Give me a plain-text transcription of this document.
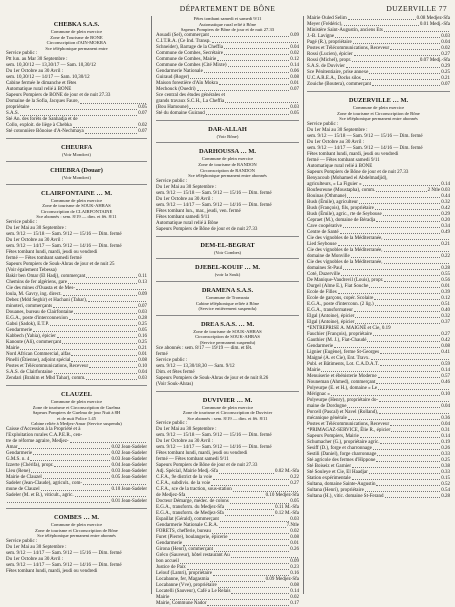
DÉPARTEMENT DE BÔNE	DUZERVILLE 77
CHEBKA S.A.S.
Commune de plein exercice
Zone de Tourisme de BONE
Circonscription d'AIN-MOKRA
Sce téléphonique permanent entre
Service public :
Ptt lun. au Mar 30 Septembre :
sem. 10,30/12 — 13,30/17 — Sam. 10,30/12
Du 1er Octobre au 30 Avril :
sem. 10,30/12 — 14/17 — Sam. 10,30/12
Cabine fermée le dimanche et fêtes
Automatique rural relié à BONE
Sapeurs Pompiers de BONE de jour et de nuit 27.33
Domaine de la Sofia, Jacques Faure,
propriétaire	0.05
S.A.S.	0.07
Sté An. des forêts de Sanhadja et de
Collo, exploit. de liège à Chebka	0.02
Sté cotonnière Bônoise d'A-Nechmaya	0.07
CHEURFA
(Voir Mondovi)
CHIEBRA (Douar)
(Voir Mondovi)
CLAIRFONTAINE … M.
Commune de plein exercice
Zone de tourisme de SOUK-AHRAS
Circonscription de CLAIRFONTAINE
Sce abonnés : sem. 8/19 — dim. et fêt. 8/11
Service public :
Du 1er Mai au 30 Septembre :
sem. 9/12 — 15/18 — Sam. 9/12 — 15/16 — Dim. fermé
Du 1er Octobre au 30 Avril :
sem. 9/12 — 14/17 — Sam. 9/12 — 14/16 — Dim. fermé
Fêtes tombant lundi, mardi, jeudi ou vendredi
fermé — Fêtes tombant samedi fermé
Sapeurs Pompiers de Souk-Ahras de jour et de nuit 25
(Voir également Tebessa)
Bakir ben Omar (El Hadj), commerçant	0.11
Chemins de fer algériens, gare	0.13
Cie des mines d'Ouasta et de Mes-
loula, M. Gavry, ing. direct.	0.09
Debez (Mdd Seghir) et Hachani (Tahar),
minoteri, commerçants	0.07
Douanes, bureau de Clairfontaine	0.03
E.G.A., poste d'interconnexion	0.28
Gabsi (Sadok), E.T.P.	0.25
Gendarmerie	0.05
Kabbech (Yahia), épicier	0.16
Kanoute (Ali), commerçant	0.25
Mairie	0.21
Nord African Commercial, alfas	0.01
Pinelli (Étienne), adjoint spécial	0.08
Postes et Télécommunications, Receveur	0.10
S.A.S. de Clairfontaine	0.04
Zendari (Brahim et Mhd Tahar), comm.	0.03
CLAUZEL
Commune de plein exercice
Zone de tourisme et Circonscription de Guelma
Sapeurs Pompiers de Guelma de jour Nuit à 8H
et de nuit Police 1.45
Cabine reliée à Medjez-Amar (Service suspendu)
Caisse d'Accession à la Propriété et à
l'Exploitation rurales C.A.P.E.R., cen-
tre de réforme agraire, Medjez-
Amar	0.02 Jean-Sadeler
Gendarmerie	0.02 Jean-Sadeler
G.M.S. n. 4	0.03 Jean-Sadeler
Izzerte (Chérifa), propr.	0.04 Jean-Sadeler
Lleu (Rene)	0.03 Jean-Sadeler
Mairie de Clauzel	0.05 Jean-Sadeler
Sadeler (Jean-Claude), agricult., com-
mune de Clauzel	0.10 Jean-Sadeler
Sadeler (M. et B.), viticult., agric.
0.01 Jean-Sadeler
COMBES … M.
Commune de plein exercice
Zone de tourisme et Circonscription de Bône
Sce téléphonique permanent entre abonnés
Service public :
Du 1er Mai au 30 Septembre :
sem. 9/12 — 14/17 — Sam. 9/12 — 15/16 — Dim. fermé
Du 1er Octobre au 30 Avril :
sem. 9/12 — 14/17 — Sam. 9/12 — 14/16 — Dim. fermé
Fêtes tombant lundi, mardi, jeudi ou vendredi
Fêtes tombant samedi et samedi 9/11
Automatique rural relié à Bône
Sapeurs Pompiers de Bône de jour et de nuit 27.33
Aouadi (Sel), commerçant	0.09
C.I.T.R.A. (Ce Ind. Transp.
Schneider), Barrage de la Cheffia	0.04
Commune de Combes, Secrétaire	0.02
Commune de Combes, Mairie	0.12
Commune de Combes (Cité Mixte)	0.14
Gendarmerie Nationale	0.06
Guiraud (Roger)	0.08
Maison forestière d'Aïn Mokra	0.01
Mechouck (Ouedri)	0.07
Sce central des études générales et
grands travaux S.C.H., La Cheffia
(Bou Hamoune)	0.03
Sté du domaine Guiraud	0.05
DAR-ALLAH
(Voir Bône)
DARHOUSSA … M.
Commune de plein exercice
Zone de tourisme de RANDON
Circonscription de RANDON
Sce téléphonique permanent entre abonnés
Service public :
Du 1er Mai au 30 Septembre :
sem. 9/12 — 15/18 — Sam. 9/12 — 15/16 — Dim. fermé
Du 1er Octobre au 30 Avril :
sem. 9/12 — 14/17 — Sam. 9/12 — 14/16 — Dim. fermé
Fêtes tombant lun., mar., jeudi, ven. fermé
Fêtes tombant samedi 9/11
Automatique rural relié à Bône
Sapeurs Pompiers de Bône de jour et de nuit 27.33
DEM-EL-BEGRAT
(Voir Combes)
DJEBEL-KOUIF … M.
(voir la Souk)
DRAMENA S.A.S.
Commune de Tromsnia
Cabine téléphonique reliée à Bône
(Service entièrement suspendu)
DREA S.A.S. … M.
Zone de tourisme de SOUK-AHRAS
Circonscription de SOUK-AHRAS
(Service permanent suspendu)
Sce abonnés : sem. 8/17 — 19/19 — dim. et fêt.
fermé
Service public :
sem. 9/12 — 13,30/18,30 — Sam. 9/12
Dim. et fêtes fermé
Sapeurs Pompiers de Souk-Ahras de jour et de nuit 8.26
(Voir Souk-Ahras)
DUVIVIER … M.
Commune de plein exercice
Zone de tourisme et Circonscription de Duvivier
Sce abonnés : sem. 8/19 — dim. et fêt. 8/11
Service public :
Du 1er Mai au 30 Septembre :
sem. 9/12 — 15/18 — Sam. 9/12 — 15/16 — Dim. fermé
Du 1er Octobre au 30 Avril :
sem. 9/12 — 14/17 — Sam. 9/12 — 14/16 — Dim. fermé
Fêtes tombant lundi, mardi, jeudi ou vendredi
fermé — Fêtes tombant samedi 9/11
Sapeurs Pompiers de Bône de jour et de nuit 27.33
Adj. Spécial, Mairie Medj.-Sfa	0.02 M.-Sfa
C.F.A., 9e district de la voie	0.22
C.F.A., subdivis. de la voie	0.27
C.F.A., sce de la traction, sous-station
de Medjez-Sfa	0.10 Medjez-Sfa
Docteur Démarge, médec. de colons	0.05
E.G.A., transform. du Medjez-Sfa	0.11 M.-Sfa
E.G.A., transform. de Medjez-Sfa	0.12 M.-Sfa
Espaillat (Gérald), commerçant	0.03
Gendarmerie Nationale C.R.A.	7.Ntle
FORETS, chefferie, bureau	0.02
Furet (Pierre), boulangerie, épicerie	0.08
Gendarmerie	0.01
Girona (Henri), commerçant	0.26
Grêco (Sauveur), hôtel restaurant Au
bon accueil	0.09
Justice de Paix	0.23
Lelouf (Lamri), propriétaire	0.16
Locabanne, fer, Magasmia	0.09 Medjez-Sfa
Locabanne (Vve), propriétaire	0.08
Locatelli (Sauveur), Café a Le Relais	0.14
Mairie	0.02
Mairie, Commune Nador	0.17
Mairie Ouled Selim	0.08 Medjez-Sfa
Meyer (Frédéric),	0.01 Medj.-Sfa
Ministère Saint-Augustin, anciens Ets
J.-B. Lavigne	0.03
Pagé (R.), propriétaire	0.04
Postes et Télécommunications, Receveur	0.02
Rossi (Lucien), épicier	0.27
Rossi (Michel), propr.	0.07 Medj.-Sfa
S.A.S. de Duvivier	0.29
Sce Pénitentiaire, prise annexe	0.25
U.C.A.R.E.A., Docks silos	0.21
Zouiche (Boutera), commerçant	0.07
DUZERVILLE … M.
Commune de plein exercice
Zone de tourisme et Circonscription de Bône
Sce téléphonique permanent entre abonnés
Service public :
Du 1er Mai au 30 Septembre :
sem. 9/12 — 15/18 — Sam. 9/12 — 15/16 — Dim. fermé
Du 1er Octobre au 30 Avril :
sem. 9/12 — 14/17 — Sam. 9/12 — 14/16 — Dim. fermé
Fêtes tombant lundi, mardi, jeudi ou vendredi
fermé — Fêtes tombant samedi 9/11
Automatique rural relié à BONE
Sapeurs Pompiers de Bône de jour et de nuit 27.33
Benyacoub (Mohamed el Abdelmadjid),
agriculteurs, « La Figuier »	0.14
Boufesreune (Moustapha), comm.	2 Ntle 0.03
Bouinas (Othmane)	0.44
Bush (Émile), agriculteur	0.32
Bush (François), fils, propriétaire	0.42
Bush (Émile), agric., rte de Seybouse	0.29
Cepraet (M.), domaine de Béradja	0.20
Cave coopérative	0.34
Centre de Santé	0.49
Cie des vignobles de la Méditerranée,
Lied Seybouse	0.21
Cie des vignobles de la Méditerranée,
domaine de Monville	0.22
Cie des vignobles de la Méditerranée,
domaines St-Paul	0.28
Coté, Duzerville	0.55
De Manique-Vaudrevil (Louis), propr.	0.56
Durgel (Alme E.), Fiat Souche	0.01
Ecole de Filles	0.39
Ecole de garçons, copér. Scolaire	0.12
E.G.A., poste d'interconn. (2 lig.)	0.51
E.G.A., transformateur	0.40
Elgal (Antoine), épicier	0.32
Elgal (Antoine), épicier	0.37
*ENTREPRISE A. MAIGNÉ et Cie, 0.19
Fauchier (François), propriétaire	0.27
Gauthier (M. J.), Fiat-Chaudé	0.42
Gendarmerie	0.08
Lignier (Eugène), ferme St-Georges	0.41
Maigné (A. et Cie), Ent. Travx.
Publ. et Bâtiments, Lot. C.A.D.A.T.	0.59
Mairie	0.14
Menuiserie et ébénisterie Moderne	0.57
Nouneman (Ahmed), commerçant	0.46
Polyeurpe (E. et H.), domaine « Le
Mérignac »	0.10
Polyeurpe (Henry), propriétaire do-
maine de Dordogne	0.04
Porcell (Pascal) et Navel (Rolland),
mécanique générale	0.36
Postes et Télécommunications, Receveur	0.04
*PRIMAGAZ-SERVICE, Élie R., épicier	0.31
Sapeurs Pompiers, Mairie	0.14
Schumacher (G.), propriétaire agric.	0.19
Sesiff (D.), forge et charronnage	0.26
Sestili (Daniel), forge charronnage	0.33
Sté agricole des fermes d'Hippone	0.25
Sté Boiseiz et Garnier	0.38
Sté Souleye et Cie, El Haadjar	0.33
Station expérimentale	0.15
Sultana, domaine Sainte-Augustin	0.52
Sultana (Henri), propriétaire	0.54
Sultana (H.), vitic. domaine St-Ferand	0.28
